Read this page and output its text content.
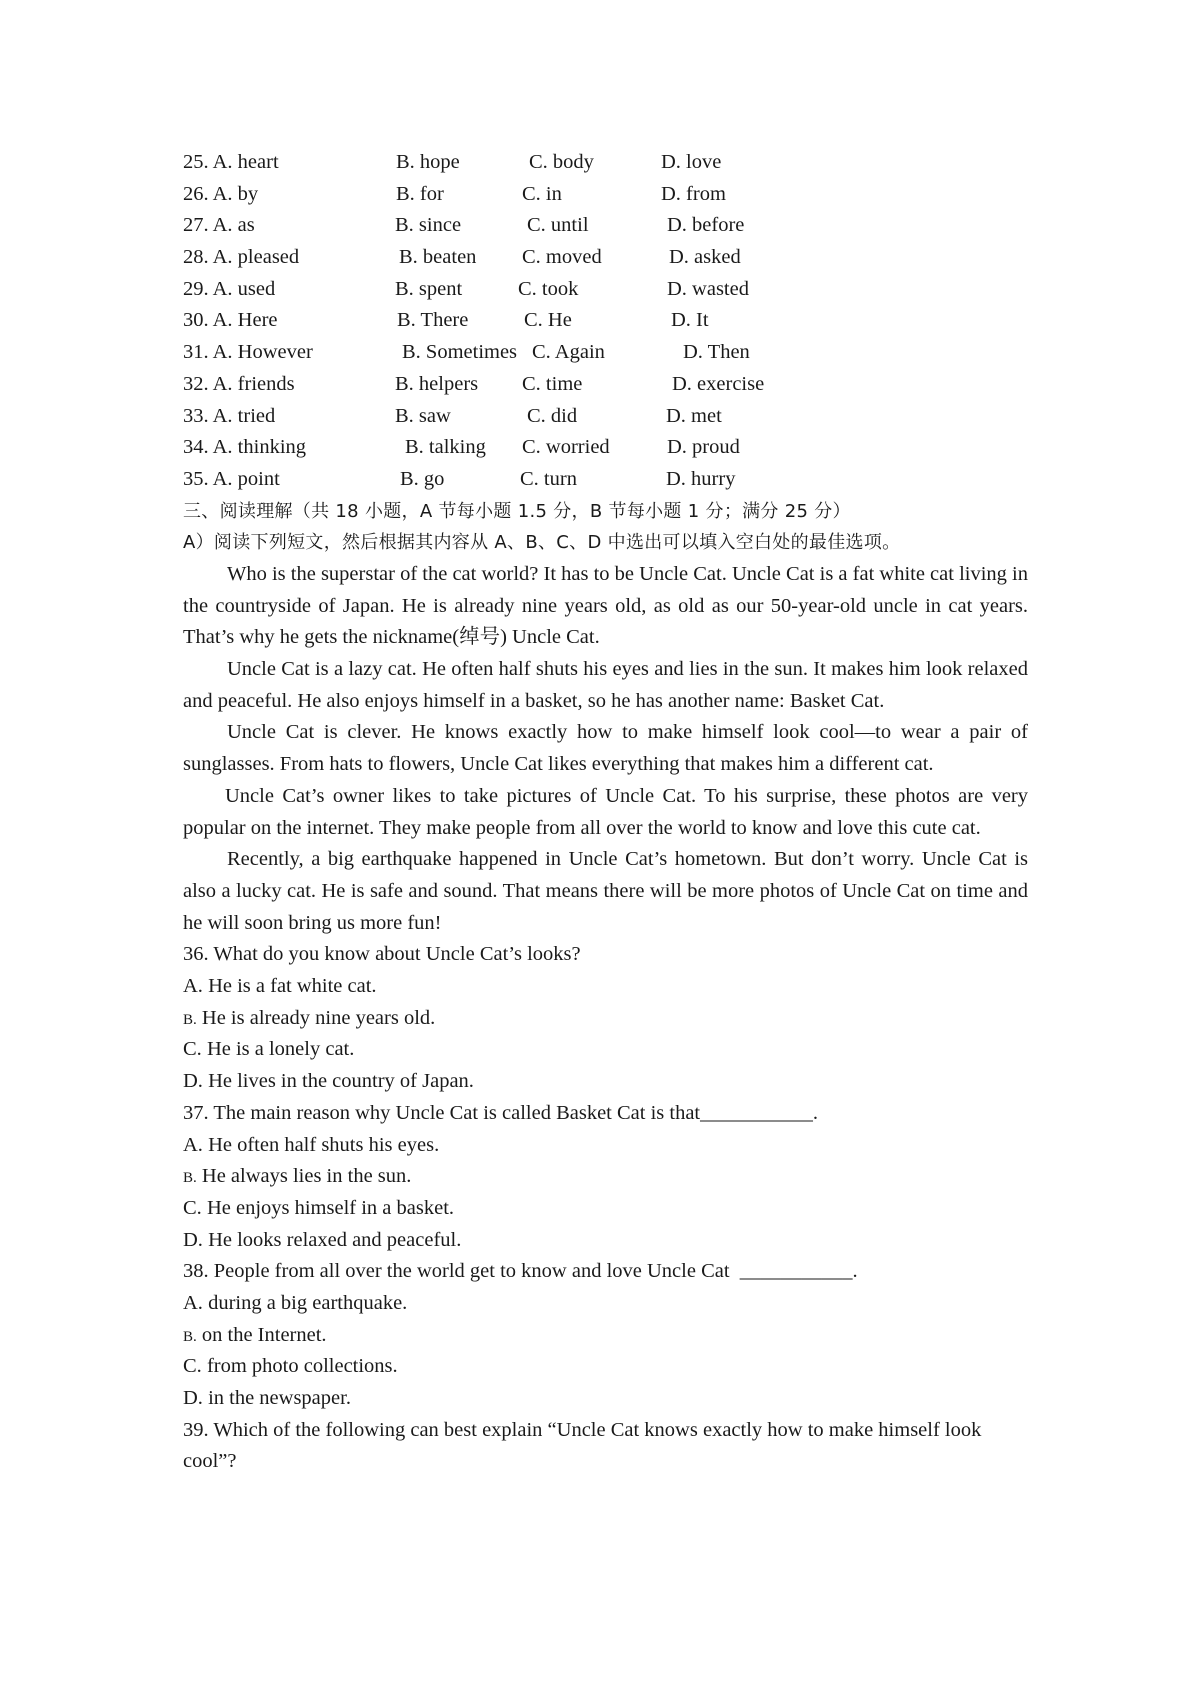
25. A. heart	B. hope	C. body	D. love
26. A. by	B. for	C. in	D. from
27. A. as	B. since	C. until	D. before
28. A. pleased	B. beaten C. moved	D. asked
29. A. used	B. spent	C. took	D. wasted
30. A. Here	B. There	C. He	D. It
31. A. However	B. Sometimes C. Again	D. Then
32. A. friends	B. helpers C. time	D. exercise
33. A. tried	B. saw	C. did	D. met
34. A. thinking	B. talking C. worried	D. proud
35. A. point	B. go	C. turn	D. hurry
三、阅读理解（共 18 小题，A 节每小题 1.5 分，B 节每小题 1 分；满分 25 分）
A）阅读下列短文，然后根据其内容从 A、B、C、D 中选出可以填入空白处的最佳选项。

Who is the superstar of the cat world? It has to be Uncle Cat. Uncle Cat is a fat white cat living in the countryside of Japan. He is already nine years old, as old as our 50-year-old uncle in cat years. That’s why he gets the nickname(绰号) Uncle Cat.

Uncle Cat is a lazy cat. He often half shuts his eyes and lies in the sun. It makes him look relaxed and peaceful. He also enjoys himself in a basket, so he has another name: Basket Cat.

Uncle Cat is clever. He knows exactly how to make himself look cool—to wear a pair of sunglasses. From hats to flowers, Uncle Cat likes everything that makes him a different cat.

Uncle Cat’s owner likes to take pictures of Uncle Cat. To his surprise, these photos are very popular on the internet. They make people from all over the world to know and love this cute cat.

Recently, a big earthquake happened in Uncle Cat’s hometown. But don’t worry. Uncle Cat is also a lucky cat. He is safe and sound. That means there will be more photos of Uncle Cat on time and he will soon bring us more fun!

36. What do you know about Uncle Cat’s looks?
A. He is a fat white cat.
B. He is already nine years old.
C. He is a lonely cat.
D. He lives in the country of Japan.
37. The main reason why Uncle Cat is called Basket Cat is that___________.
A. He often half shuts his eyes.
B. He always lies in the sun.
C. He enjoys himself in a basket.
D. He looks relaxed and peaceful.
38. People from all over the world get to know and love Uncle Cat  ___________.
A. during a big earthquake.
B. on the Internet.
C. from photo collections.
D. in the newspaper.

39. Which of the following can best explain “Uncle Cat knows exactly how to make himself look cool”?
